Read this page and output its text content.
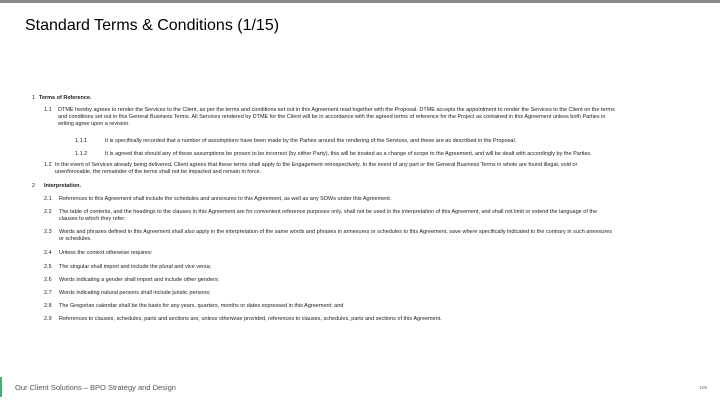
Standard Terms & Conditions (1/15)
1 Terms of Reference.
1.1 DTME hereby agrees to render the Services to the Client, as per the terms and conditions set out in this Agreement read together with the Proposal. DTME accepts the appointment to render the Services to the Client on the terms
and conditions set out in this General Business Terms. All Services rendered by DTME for the Client will be in accordance with the agreed terms of reference for the Project as contained in this Agreement unless both Parties in
writing agree upon a revision.
1.1.1	It is specifically recorded that a number of assumptions have been made by the Parties around the rendering of the Services, and these are as described in the Proposal.
1.1.2	It is agreed that should any of these assumptions be proven to be incorrect (by either Party), this will be treated as a change of scope to the Agreement, and will be dealt with accordingly by the Parties.
1.2 In the event of Services already being delivered, Client agrees that these terms shall apply to the Engagement retrospectively. In the event of any part or the General Business Terms in whole are found illegal, void or
unenforceable, the remainder of the terms shall not be impacted and remain in force.
2 Interpretation.
2.1 References to this Agreement shall include the schedules and annexures to this Agreement, as well as any SOWs under this Agreement.
2.2 The table of contents, and the headings to the clauses in this Agreement are for convenient reference purposes only, shall not be used in the interpretation of this Agreement, and shall not limit or extend the language of the
clauses to which they refer;
2.3 Words and phrases defined in this Agreement shall also apply in the interpretation of the same words and phrases in annexures or schedules to this Agreement, save where specifically indicated to the contrary in such annexures
or schedules.
2.4 Unless the context otherwise requires:
2.5 The singular shall import and include the plural and vice versa;
2.6 Words indicating a gender shall import and include other genders;
2.7 Words indicating natural persons shall include juristic persons;
2.8 The Gregorian calendar shall be the basis for any years, quarters, months or dates expressed in this Agreement; and
2.9 References to clauses, schedules, parts and sections are, unless otherwise provided, references to clauses, schedules, parts and sections of this Agreement.
Our Client Solutions – BPO Strategy and Design	106
